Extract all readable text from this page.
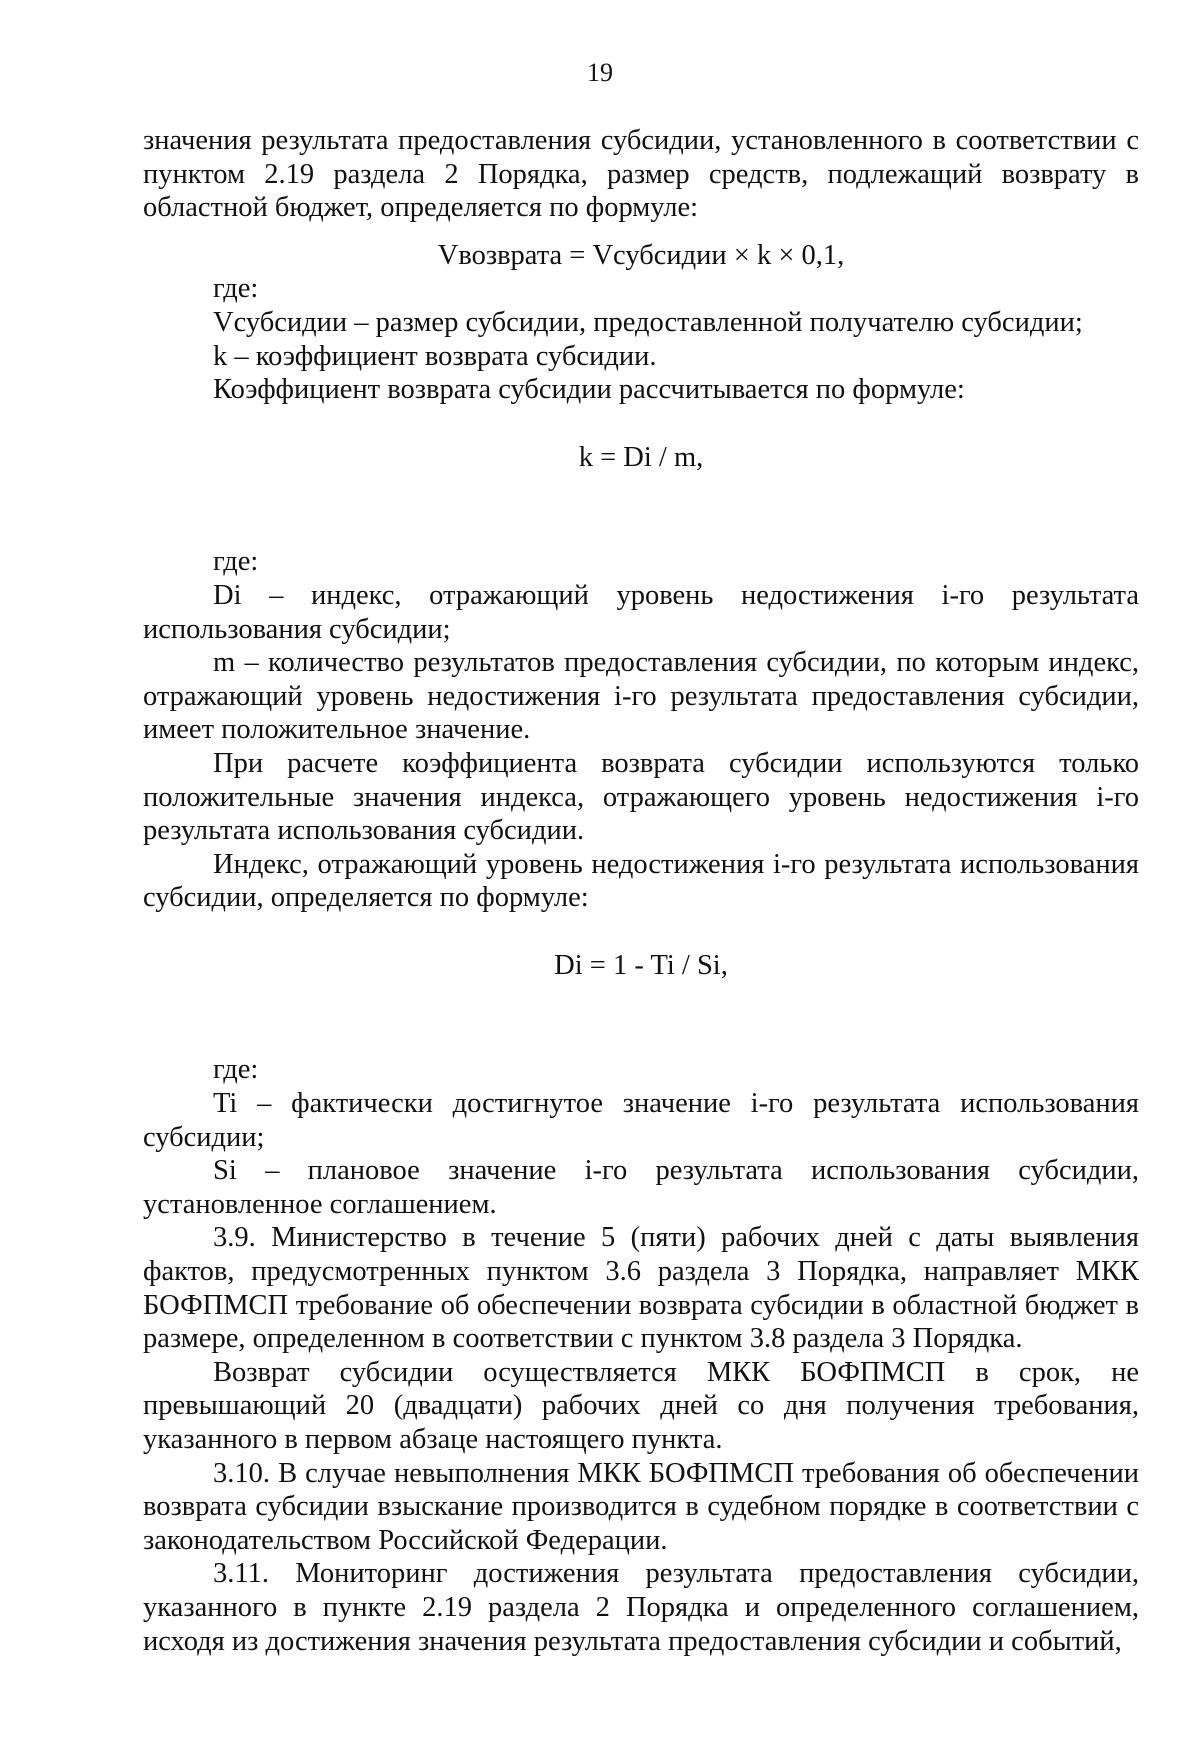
19

значения результата предоставления субсидии, установленного в соответствии с пунктом 2.19 раздела 2 Порядка, размер средств, подлежащий возврату в областной бюджет, определяется по формуле:

Vвозврата = Vсубсидии × k × 0,1,

где:

Vсубсидии – размер субсидии, предоставленной получателю субсидии;

k – коэффициент возврата субсидии.

Коэффициент возврата субсидии рассчитывается по формуле:

k = Di / m,

где:

Di – индекс, отражающий уровень недостижения i-го результата использования субсидии;

m – количество результатов предоставления субсидии, по которым индекс, отражающий уровень недостижения i-го результата предоставления субсидии, имеет положительное значение.

При расчете коэффициента возврата субсидии используются только положительные значения индекса, отражающего уровень недостижения i-го результата использования субсидии.

Индекс, отражающий уровень недостижения i-го результата использования субсидии, определяется по формуле:

Di = 1 - Ti / Si,

где:

Ti – фактически достигнутое значение i-го результата использования субсидии;

Si – плановое значение i-го результата использования субсидии, установленное соглашением.

3.9. Министерство в течение 5 (пяти) рабочих дней с даты выявления фактов, предусмотренных пунктом 3.6 раздела 3 Порядка, направляет МКК БОФПМСП требование об обеспечении возврата субсидии в областной бюджет в размере, определенном в соответствии с пунктом 3.8 раздела 3 Порядка.

Возврат субсидии осуществляется МКК БОФПМСП в срок, не превышающий 20 (двадцати) рабочих дней со дня получения требования, указанного в первом абзаце настоящего пункта.

3.10. В случае невыполнения МКК БОФПМСП требования об обеспечении возврата субсидии взыскание производится в судебном порядке в соответствии с законодательством Российской Федерации.

3.11. Мониторинг достижения результата предоставления субсидии, указанного в пункте 2.19 раздела 2 Порядка и определенного соглашением, исходя из достижения значения результата предоставления субсидии и событий,
